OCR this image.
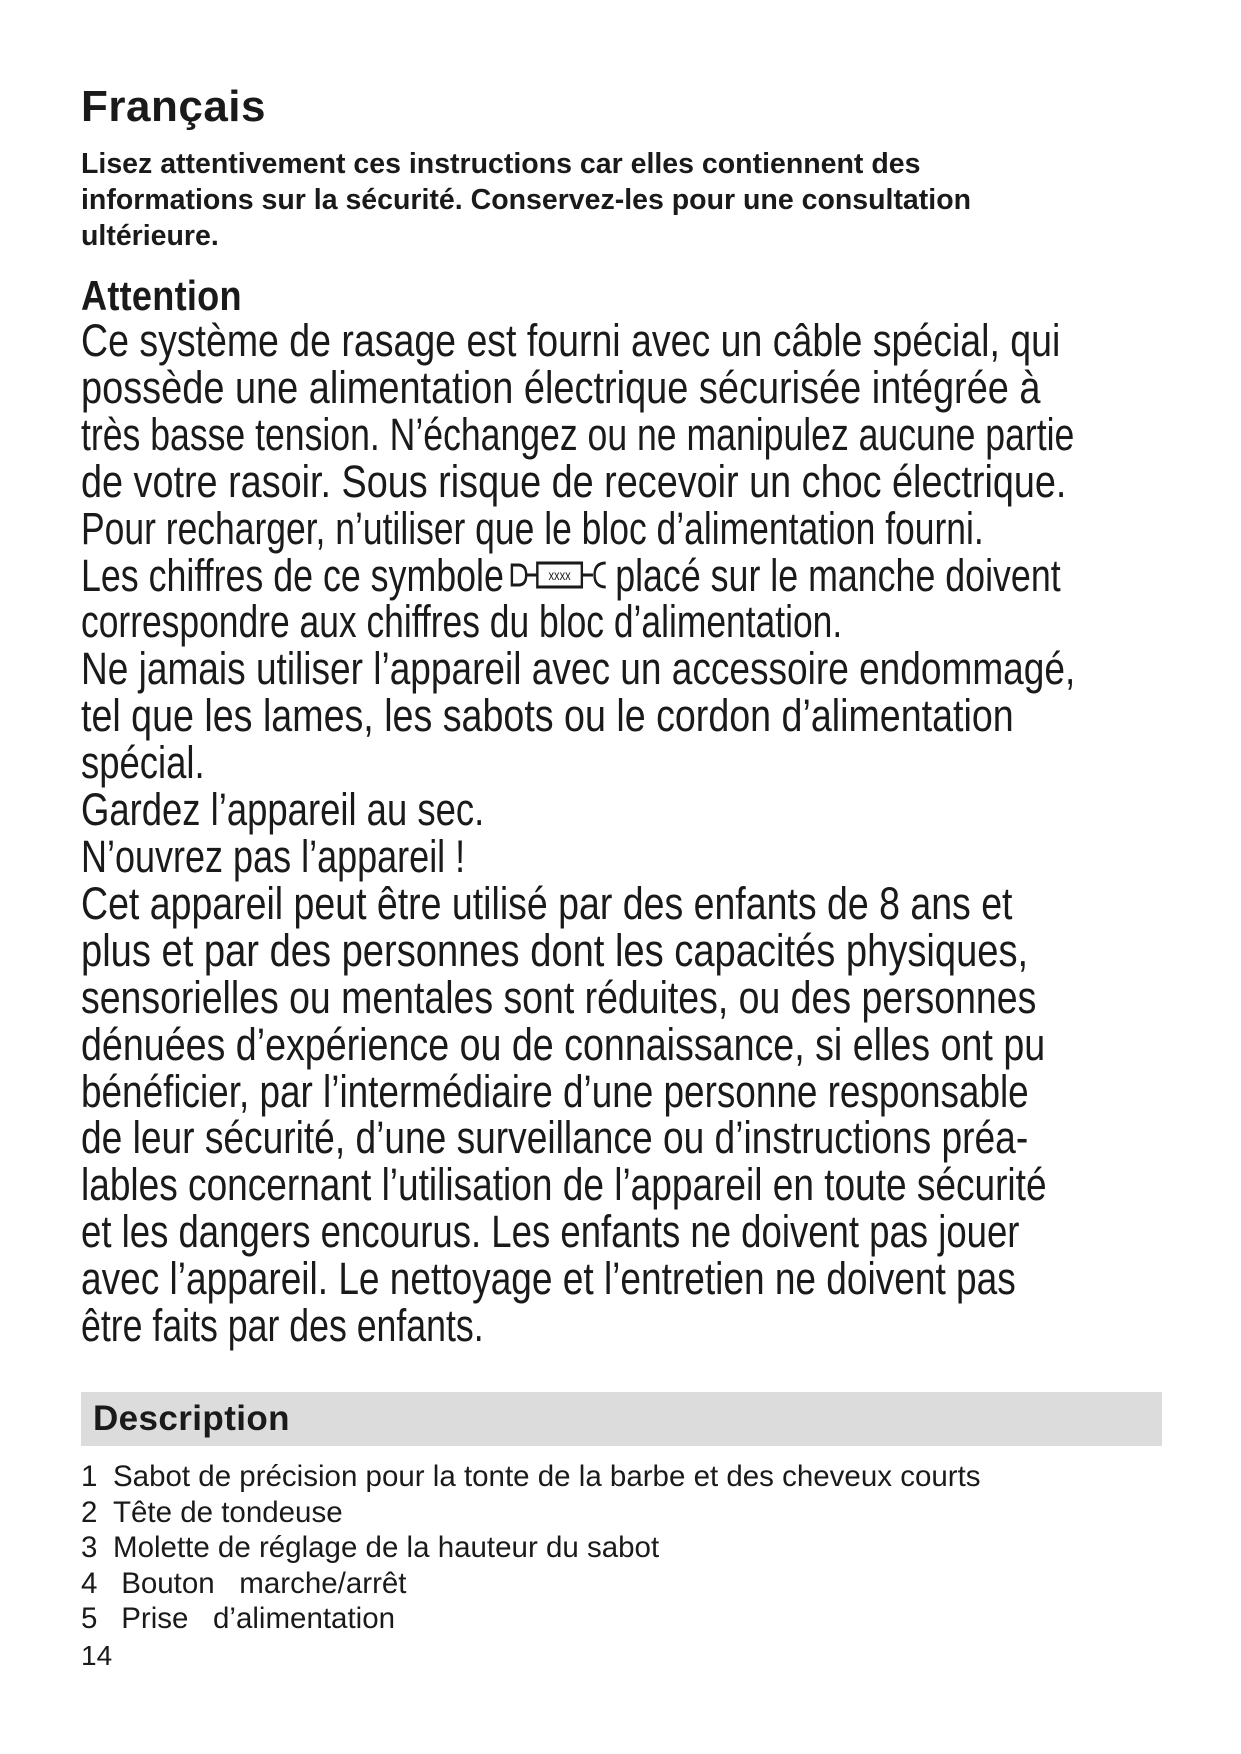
Français

Lisez attentivement ces instructions car elles contiennent des
informations sur la sécurité. Conservez-les pour une consultation
ultérieure.

Attention
Ce système de rasage est fourni avec un câble spécial, qui
possède une alimentation électrique sécurisée intégrée à
très basse tension. N’échangez ou ne manipulez aucune partie
de votre rasoir. Sous risque de recevoir un choc électrique.
Pour recharger, n’utiliser que le bloc d’alimentation fourni.
Les chiffres de ce symbole	xxxx placé sur le manche doivent
correspondre aux chiffres du bloc d’alimentation.
Ne jamais utiliser l’appareil avec un accessoire endommagé,
tel que les lames, les sabots ou le cordon d’alimentation
spécial.
Gardez l’appareil au sec.
N’ouvrez pas l’appareil !
Cet appareil peut être utilisé par des enfants de 8 ans et
plus et par des personnes dont les capacités physiques,
sensorielles ou mentales sont réduites, ou des personnes
dénuées d’expérience ou de connaissance, si elles ont pu
bénéficier, par l’intermédiaire d’une personne responsable
de leur sécurité, d’une surveillance ou d’instructions préa-
lables concernant l’utilisation de l’appareil en toute sécurité
et les dangers encourus. Les enfants ne doivent pas jouer
avec l’appareil. Le nettoyage et l’entretien ne doivent pas
être faits par des enfants.
Description
1 Sabot de précision pour la tonte de la barbe et des cheveux courts
2 Tête de tondeuse
3 Molette de réglage de la hauteur du sabot
4 Bouton   marche/arrêt
5 Prise   d’alimentation
14
